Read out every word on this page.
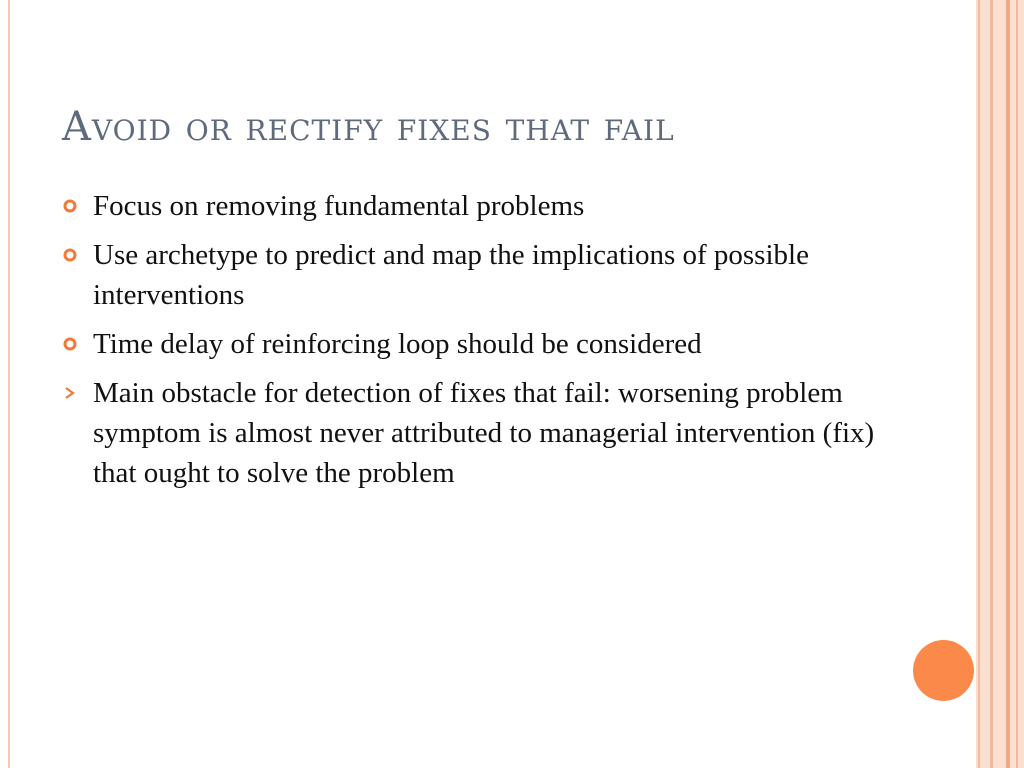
Avoid or rectify fixes that fail
Focus on removing fundamental problems
Use archetype to predict and map the implications of possible interventions
Time delay of reinforcing loop should be considered
Main obstacle for detection of fixes that fail: worsening problem symptom is almost never attributed to managerial intervention (fix) that ought to solve the problem
